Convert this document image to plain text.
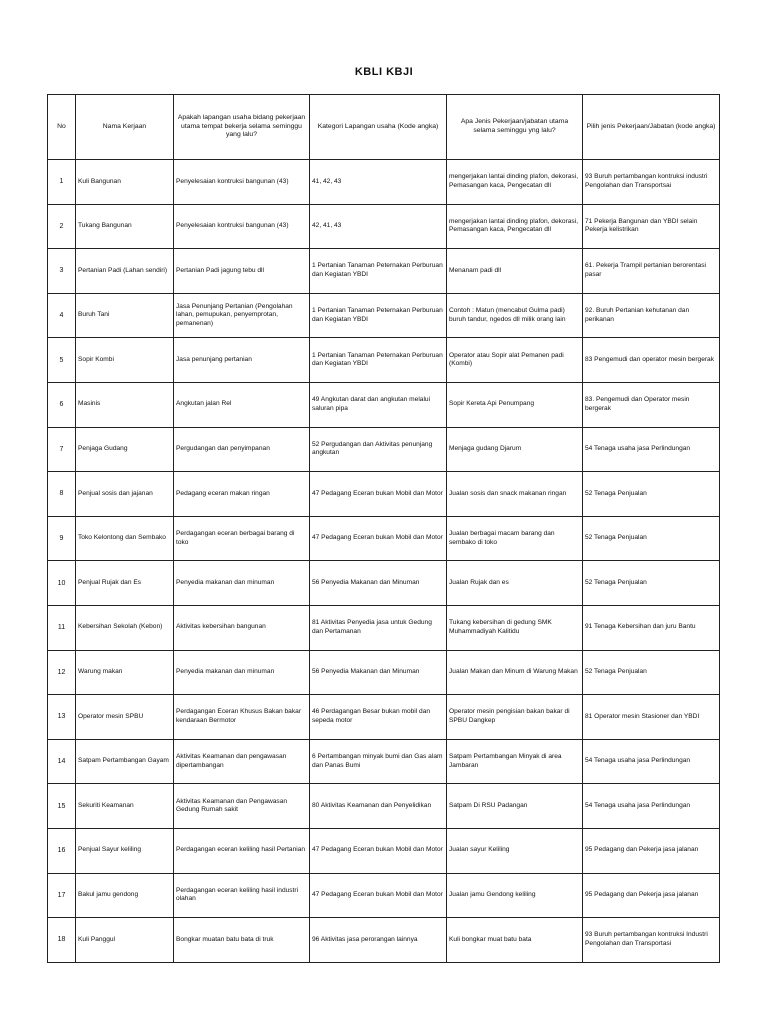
KBLI KBJI
No	Nama Kerjaan	Apakah lapangan usaha bidang pekerjaan utama tempat bekerja selama seminggu yang lalu?	Kategori Lapangan usaha (Kode angka)	Apa Jenis Pekerjaan/jabatan utama selama seminggu yng lalu?	Pilih jenis Pekerjaan/Jabatan (kode angka)
1	Kuli Bangunan	Penyelesaian kontruksi bangunan (43)	41, 42, 43	mengerjakan lantai dinding plafon, dekorasi, Pemasangan kaca, Pengecatan dll	93 Buruh pertambangan kontruksi industri Pengolahan dan Transportsai
2	Tukang Bangunan	Penyelesaian kontruksi bangunan (43)	42, 41, 43	mengerjakan lantai dinding plafon, dekorasi, Pemasangan kaca, Pengecatan dll	71 Pekerja Bangunan dan YBDI selain Pekerja kelistrikan
3	Pertanian Padi (Lahan sendiri)	Pertanian Padi jagung tebu dll	1 Pertanian Tanaman Peternakan Perburuan dan Kegiatan YBDI	Menanam padi dll	61. Pekerja Trampil pertanian berorentasi pasar
4	Buruh Tani	Jasa Penunjang Pertanian (Pengolahan lahan, pemupukan, penyemprotan, pemanenan)	1 Pertanian Tanaman Peternakan Perburuan dan Kegiatan YBDI	Contoh : Matun (mencabut Gulma padi) buruh tandur, ngedos dll milik orang lain	92. Buruh Pertanian kehutanan dan perikanan
5	Sopir Kombi	Jasa penunjang pertanian	1 Pertanian Tanaman Peternakan Perburuan dan Kegiatan YBDI	Operator atau Sopir alat Pemanen padi (Kombi)	83 Pengemudi dan operator mesin bergerak
6	Masinis	Angkutan jalan Rel	49 Angkutan darat dan angkutan melalui saluran pipa	Sopir Kereta Api Penumpang	83. Pengemudi dan Operator mesin bergerak
7	Penjaga Gudang	Pergudangan dan penyimpanan	52 Pergudangan dan Aktivitas penunjang angkutan	Menjaga gudang Djarum	54 Tenaga usaha jasa Perlindungan
8	Penjual sosis dan jajanan	Pedagang eceran makan ringan	47 Pedagang Eceran bukan Mobil dan Motor	Jualan sosis dan snack makanan ringan	52 Tenaga Penjualan
9	Toko Kelontong dan Sembako	Perdagangan eceran berbagai barang di toko	47 Pedagang Eceran bukan Mobil dan Motor	Jualan berbagai macam barang dan sembako di toko	52 Tenaga Penjualan
10	Penjual Rujak dan Es	Penyedia makanan dan minuman	56 Penyedia Makanan dan Minuman	Jualan Rujak dan es	52 Tenaga Penjualan
11	Kebersihan Sekolah (Kebon)	Aktivitas kebersihan bangunan	81 Aktivitas Penyedia jasa untuk Gedung dan Pertamanan	Tukang kebersihan di gedung SMK Muhammadiyah Kalitidu	91 Tenaga Kebersihan dan juru Bantu
12	Warung makan	Penyedia makanan dan minuman	56 Penyedia Makanan dan Minuman	Jualan Makan dan Minum di Warung Makan	52 Tenaga Penjualan
13	Operator mesin SPBU	Perdagangan Eceran Khusus Bakan bakar kendaraan Bermotor	46 Perdagangan Besar bukan mobil dan sepeda motor	Operator mesin pengisian bakan bakar di SPBU Dangkep	81 Operator mesin Stasioner dan YBDI
14	Satpam Pertambangan Gayam	Aktivitas Keamanan dan pengawasan dipertambangan	6 Pertambangan minyak bumi dan Gas alam dan Panas Bumi	Satpam Pertambangan Minyak di area Jambaran	54 Tenaga usaha jasa Perlindungan
15	Sekuriti Keamanan	Aktivitas Keamanan dan Pengawasan Gedung Rumah sakit	80 Aktivitas Keamanan dan Penyelidikan	Satpam Di RSU Padangan	54 Tenaga usaha jasa Perlindungan
16	Penjual Sayur keliling	Perdagangan eceran keliling hasil Pertanian	47 Pedagang Eceran bukan Mobil dan Motor	Jualan sayur Keliling	95 Pedagang dan Pekerja jasa jalanan
17	Bakul jamu gendong	Perdagangan eceran keliling hasil industri olahan	47 Pedagang Eceran bukan Mobil dan Motor	Jualan jamu Gendong keliling	95 Pedagang dan Pekerja jasa jalanan
18	Kuli Panggul	Bongkar muatan batu bata di truk	96 Aktivitas jasa perorangan lainnya	Kuli bongkar muat batu bata	93 Buruh pertambangan kontruksi Industri Pengolahan dan Transportasi
